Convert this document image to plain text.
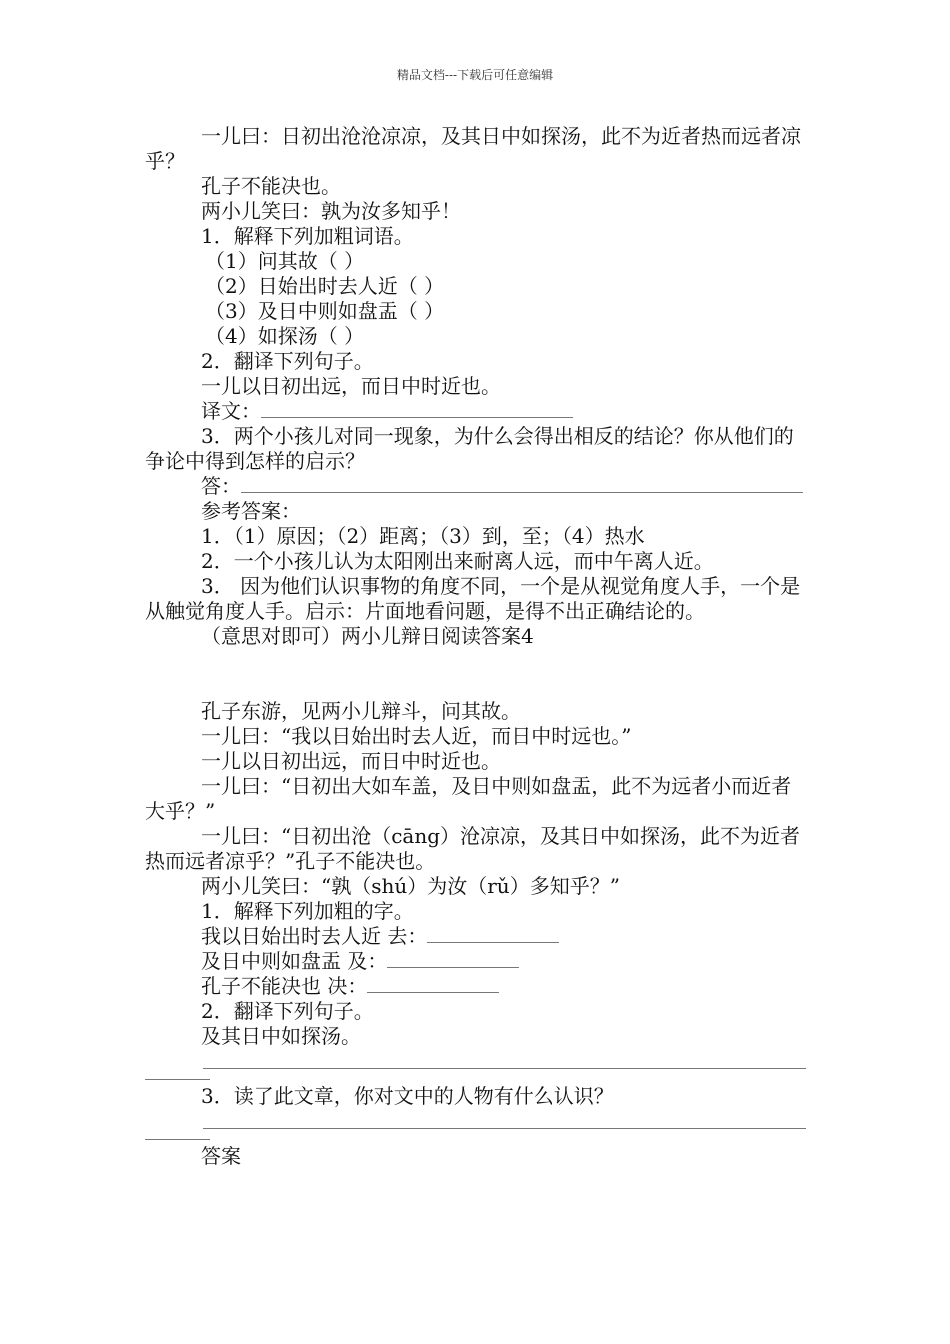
精品文档---下载后可任意编辑

一儿曰：日初出沧沧凉凉，及其日中如探汤，此不为近者热而远者凉乎？

孔子不能决也。

两小儿笑曰：孰为汝多知乎！

1．解释下列加粗词语。

（1）问其故（ ）

（2）日始出时去人近（ ）

（3）及日中则如盘盂（ ）

（4）如探汤（ ）

2．翻译下列句子。

一儿以日初出远，而日中时近也。

译文：

3．两个小孩儿对同一现象，为什么会得出相反的结论？你从他们的争论中得到怎样的启示？

答：

参考答案：

1．（1）原因；（2）距离；（3）到，至；（4）热水

2．一个小孩儿认为太阳刚出来耐离人远，而中午离人近。

3． 因为他们认识事物的角度不同，一个是从视觉角度人手，一个是从触觉角度人手。启示：片面地看问题，是得不出正确结论的。

（意思对即可）两小儿辩日阅读答案4

孔子东游，见两小儿辩斗，问其故。

一儿曰：“我以日始出时去人近，而日中时远也。”

一儿以日初出远，而日中时近也。

一儿曰：“日初出大如车盖，及日中则如盘盂，此不为远者小而近者大乎？”

一儿曰：“日初出沧（cāng）沧凉凉，及其日中如探汤，此不为近者热而远者凉乎？”孔子不能决也。

两小儿笑曰：“孰（shú）为汝（rǔ）多知乎？”

1．解释下列加粗的字。

我以日始出时去人近 去：

及日中则如盘盂 及：

孔子不能决也 决：

2．翻译下列句子。

及其日中如探汤。

3．读了此文章，你对文中的人物有什么认识？

答案
